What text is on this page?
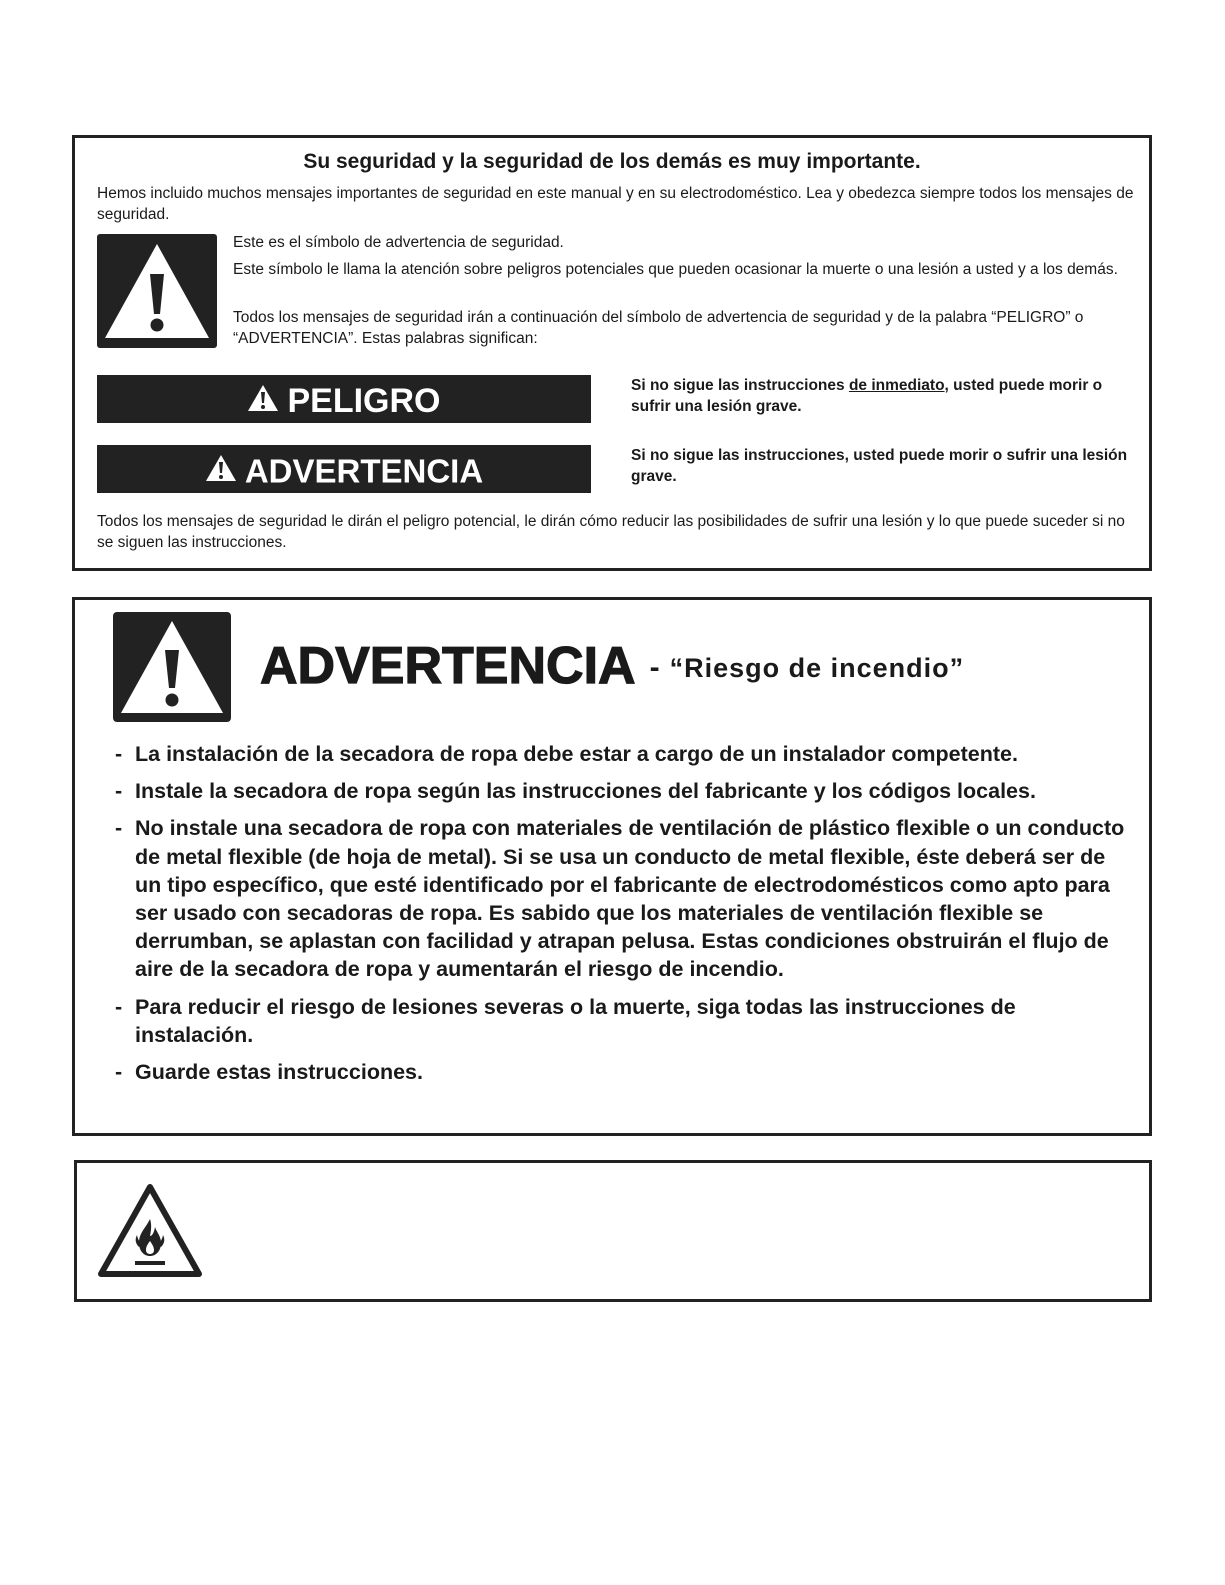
Su seguridad y la seguridad de los demás es muy importante.
Hemos incluido muchos mensajes importantes de seguridad en este manual y en su electrodoméstico. Lea y obedezca siempre todos los mensajes de seguridad.
Este es el símbolo de advertencia de seguridad.
Este símbolo le llama la atención sobre peligros potenciales que pueden ocasionar la muerte o una lesión a usted y a los demás.
Todos los mensajes de seguridad irán a continuación del símbolo de advertencia de seguridad y de la palabra “PELIGRO” o “ADVERTENCIA”. Estas palabras significan:
PELIGRO	Si no sigue las instrucciones de inmediato, usted puede morir o sufrir una lesión grave.
ADVERTENCIA	Si no sigue las instrucciones, usted puede morir o sufrir una lesión grave.
Todos los mensajes de seguridad le dirán el peligro potencial, le dirán cómo reducir las posibilidades de sufrir una lesión y lo que puede suceder si no se siguen las instrucciones.
ADVERTENCIA - “Riesgo de incendio”
- La instalación de la secadora de ropa debe estar a cargo de un instalador competente.
- Instale la secadora de ropa según las instrucciones del fabricante y los códigos locales.
- No instale una secadora de ropa con materiales de ventilación de plástico flexible o un conducto de metal flexible (de hoja de metal). Si se usa un conducto de metal flexible, éste deberá ser de un tipo específico, que esté identificado por el fabricante de electrodomésticos como apto para ser usado con secadoras de ropa. Es sabido que los materiales de ventilación flexible se derrumban, se aplastan con facilidad y atrapan pelusa. Estas condiciones obstruirán el flujo de aire de la secadora de ropa y aumentarán el riesgo de incendio.
- Para reducir el riesgo de lesiones severas o la muerte, siga todas las instrucciones de instalación.
- Guarde estas instrucciones.
